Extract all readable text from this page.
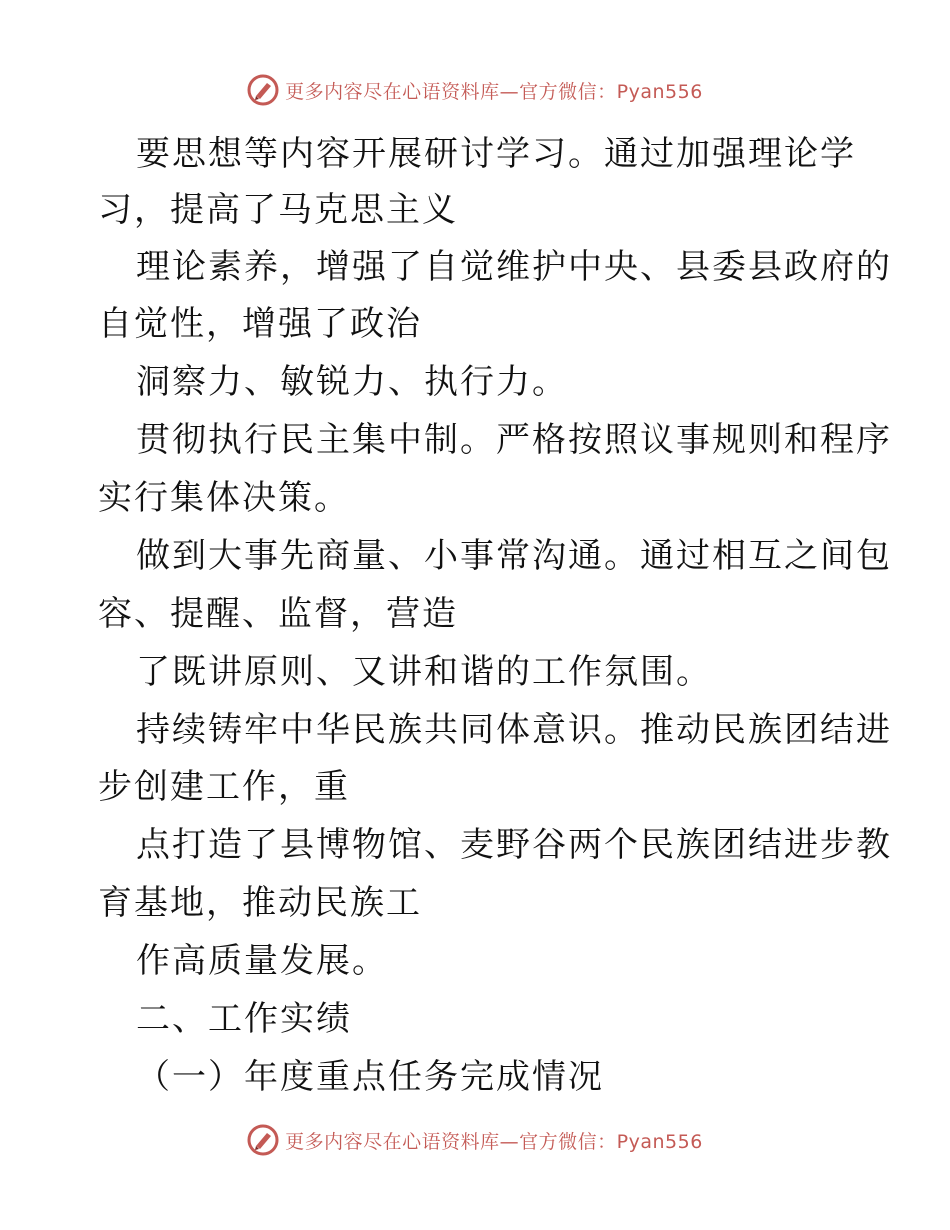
更多内容尽在心语资料库—官方微信：Pyan556
要思想等内容开展研讨学习。通过加强理论学
习，提高了马克思主义
理论素养，增强了自觉维护中央、县委县政府的
自觉性，增强了政治
洞察力、敏锐力、执行力。
贯彻执行民主集中制。严格按照议事规则和程序
实行集体决策。
做到大事先商量、小事常沟通。通过相互之间包
容、提醒、监督，营造
了既讲原则、又讲和谐的工作氛围。
持续铸牢中华民族共同体意识。推动民族团结进
步创建工作，重
点打造了县博物馆、麦野谷两个民族团结进步教
育基地，推动民族工
作高质量发展。
二、工作实绩
（一）年度重点任务完成情况
更多内容尽在心语资料库—官方微信：Pyan556
